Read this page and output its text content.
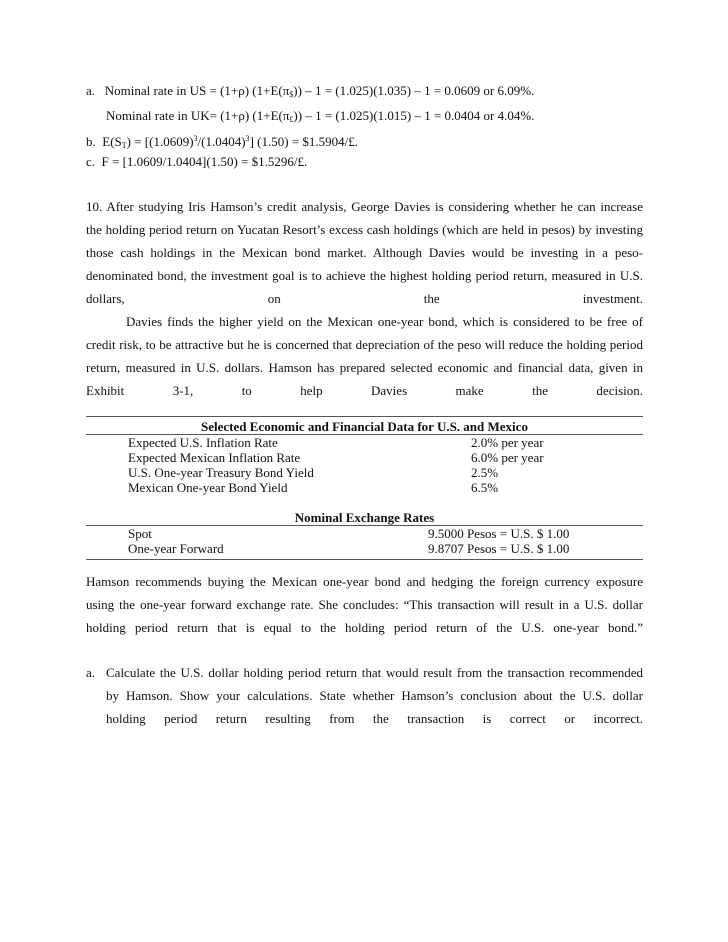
a. Nominal rate in US = (1+ρ) $(1+E(\pi_{\$})) - 1 = (1.025)(1.035) - 1 = 0.0609$ or 6.09%.
Nominal rate in UK= (1+ρ) $(1+E(\pi_£)) - 1 = (1.025)(1.015) - 1 = 0.0404$ or 4.04%.
b. $E(S_T) = [(1.0609)^3/(1.0404)^3] (1.50)$ = $1.5904/£.
c. F = [1.0609/1.0404](1.50) = $1.5296/£.
10. After studying Iris Hamson’s credit analysis, George Davies is considering whether he can increase
the holding period return on Yucatan Resort’s excess cash holdings (which are held in pesos) by investing
those cash holdings in the Mexican bond market. Although Davies would be investing in a peso-
denominated bond, the investment goal is to achieve the highest holding period return, measured in U.S.
dollars, on the investment.
Davies finds the higher yield on the Mexican one-year bond, which is considered to be free of
credit risk, to be attractive but he is concerned that depreciation of the peso will reduce the holding period
return, measured in U.S. dollars. Hamson has prepared selected economic and financial data, given in
Exhibit 3-1, to help Davies make the decision.
Selected Economic and Financial Data for U.S. and Mexico
Expected U.S. Inflation Rate	2.0% per year
Expected Mexican Inflation Rate	6.0% per year
U.S. One-year Treasury Bond Yield	2.5%
Mexican One-year Bond Yield	6.5%
Nominal Exchange Rates
Spot	9.5000 Pesos = U.S. $ 1.00
One-year Forward	9.8707 Pesos = U.S. $ 1.00
Hamson recommends buying the Mexican one-year bond and hedging the foreign currency exposure
using the one-year forward exchange rate. She concludes: “This transaction will result in a U.S. dollar
holding period return that is equal to the holding period return of the U.S. one-year bond.”
a. Calculate the U.S. dollar holding period return that would result from the transaction recommended
by Hamson. Show your calculations. State whether Hamson’s conclusion about the U.S. dollar
holding period return resulting from the transaction is correct or incorrect.
